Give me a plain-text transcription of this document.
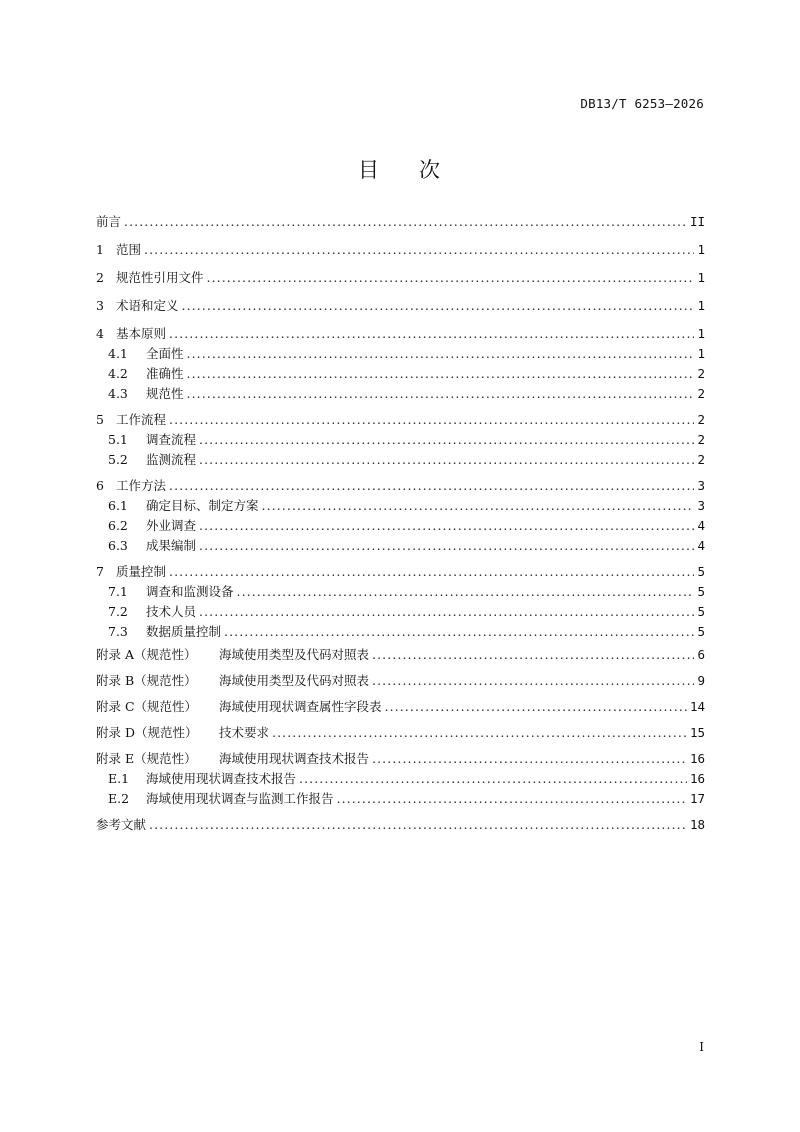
DB13/T 6253—2026
目 次
前言 .....	II
1 范围 .....	1
2 规范性引用文件 .....	1
3 术语和定义 .....	1
4 基本原则 .....	1
4.1	全面性 .....	1
4.2	准确性 .....	2
4.3	规范性 .....	2
5 工作流程 .....	2
5.1	调查流程 .....	2
5.2	监测流程 .....	2
6 工作方法 .....	3
6.1	确定目标、制定方案 .....	3
6.2	外业调查 .....	4
6.3	成果编制 .....	4
7 质量控制 .....	5
7.1	调查和监测设备 .....	5
7.2	技术人员 .....	5
7.3	数据质量控制 .....	5
附录 A（规范性）	海域使用类型及代码对照表 .....	6
附录 B（规范性）	海域使用类型及代码对照表 .....	9
附录 C（规范性）	海域使用现状调查属性字段表 .....	14
附录 D（规范性）	技术要求 .....	15
附录 E（规范性）	海域使用现状调查技术报告 .....	16
E.1	海域使用现状调查技术报告 .....	16
E.2	海域使用现状调查与监测工作报告 .....	17
参考文献 .....	18
I
